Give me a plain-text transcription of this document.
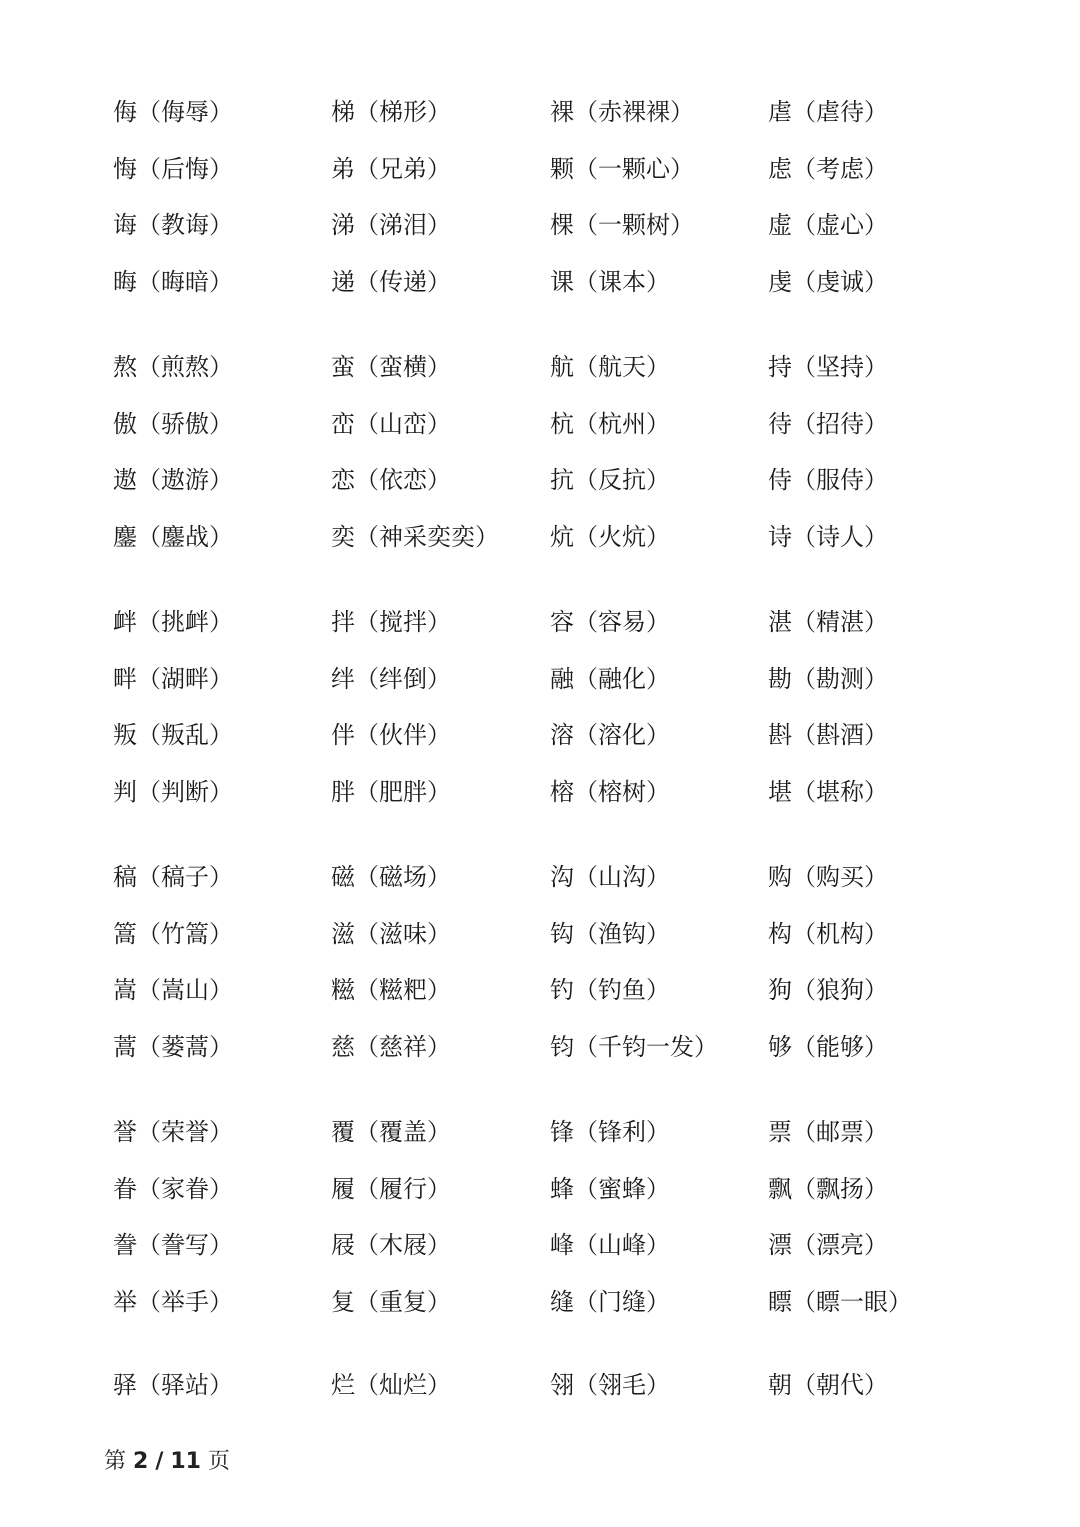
侮（侮辱）	梯（梯形）	裸（赤裸裸）	虐（虐待）
悔（后悔）	弟（兄弟）	颗（一颗心）	虑（考虑）
诲（教诲）	涕（涕泪）	棵（一颗树）	虚（虚心）
晦（晦暗）	递（传递）	课（课本）	虔（虔诚）
熬（煎熬）	蛮（蛮横）	航（航天）	持（坚持）
傲（骄傲）	峦（山峦）	杭（杭州）	待（招待）
遨（遨游）	恋（依恋）	抗（反抗）	侍（服侍）
鏖（鏖战）	奕（神采奕奕） 炕（火炕）	诗（诗人）
衅（挑衅）	拌（搅拌）	容（容易）	湛（精湛）
畔（湖畔）	绊（绊倒）	融（融化）	勘（勘测）
叛（叛乱）	伴（伙伴）	溶（溶化）	斟（斟酒）
判（判断）	胖（肥胖）	榕（榕树）	堪（堪称）
稿（稿子）	磁（磁场）	沟（山沟）	购（购买）
篙（竹篙）	滋（滋味）	钩（渔钩）	构（机构）
嵩（嵩山）	糍（糍粑）	钓（钓鱼）	狗（狼狗）
蒿（蒌蒿）	慈（慈祥）	钧（千钧一发） 够（能够）
誉（荣誉）	覆（覆盖）	锋（锋利）	票（邮票）
眷（家眷）	履（履行）	蜂（蜜蜂）	飘（飘扬）
誊（誊写）	屐（木屐）	峰（山峰）	漂（漂亮）
举（举手）	复（重复）	缝（门缝）	瞟（瞟一眼）
驿（驿站）	烂（灿烂）	翎（翎毛）	朝（朝代）
第 2 / 11 页
